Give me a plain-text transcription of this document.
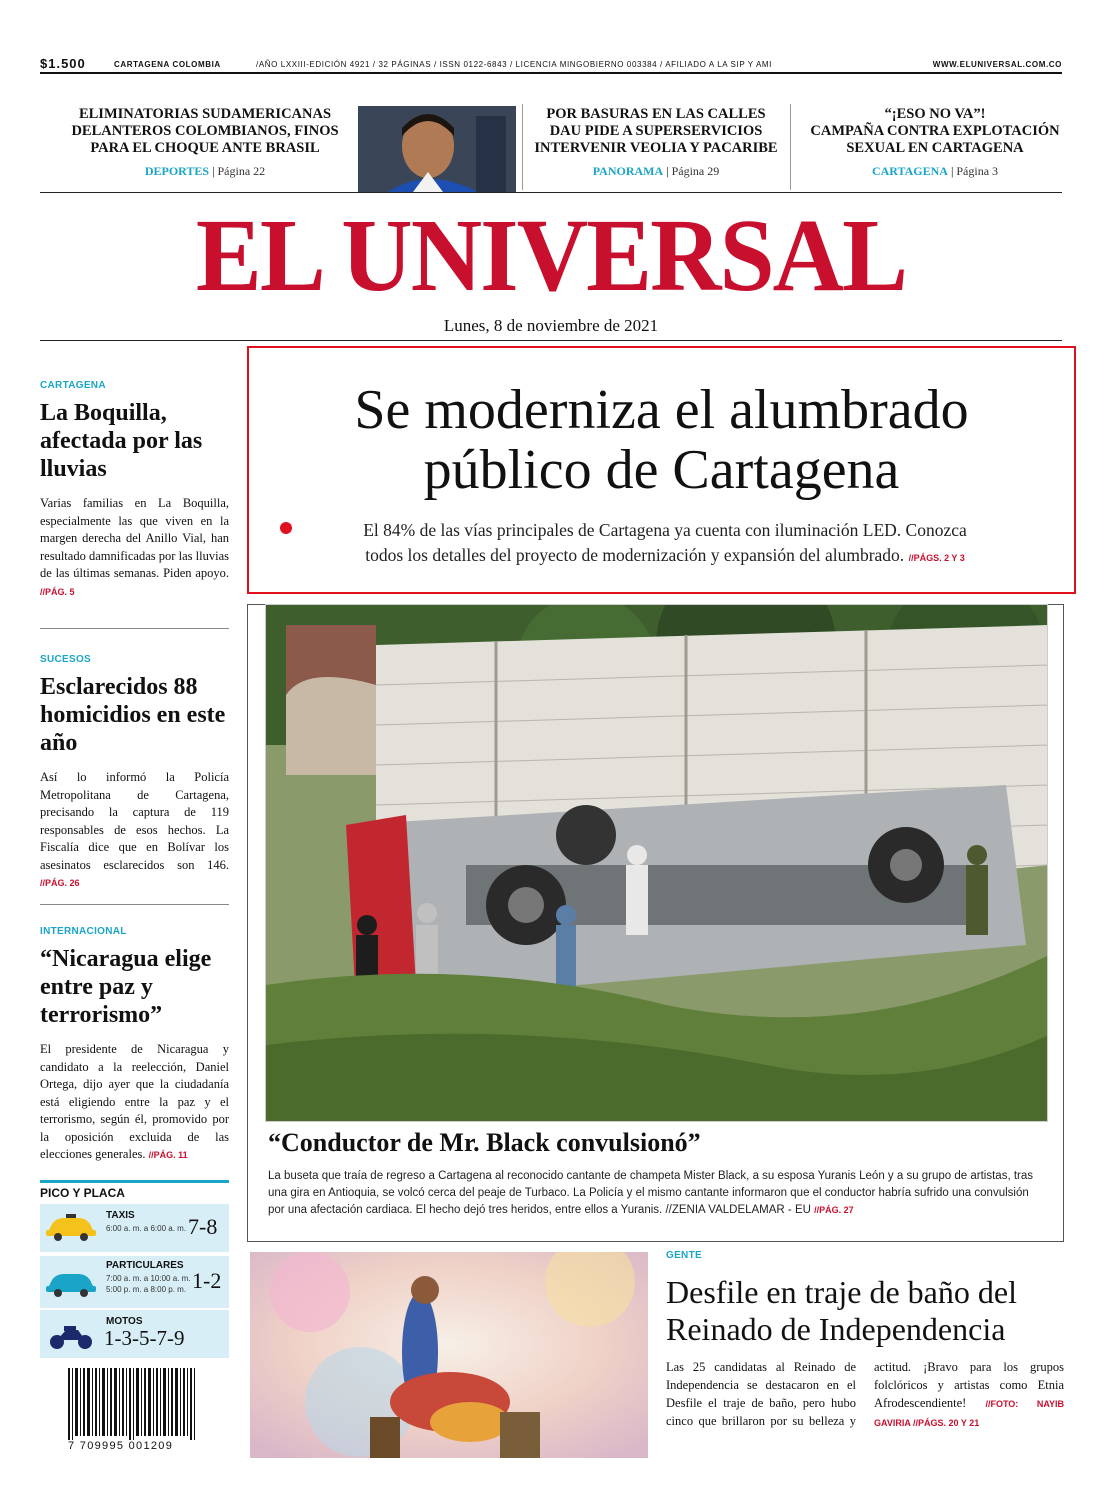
$1.500	CARTAGENA COLOMBIA	/AÑO LXXIII-EDICIÓN 4921 / 32 PÁGINAS / ISSN 0122-6843 / LICENCIA MINGOBIERNO 003384 / AFILIADO A LA SIP Y AMI	WWW.ELUNIVERSAL.COM.CO
ELIMINATORIAS SUDAMERICANAS
DELANTEROS COLOMBIANOS, FINOS
PARA EL CHOQUE ANTE BRASIL
DEPORTES | Página 22
POR BASURAS EN LAS CALLES
DAU PIDE A SUPERSERVICIOS
INTERVENIR VEOLIA Y PACARIBE
PANORAMA | Página 29
“¡ESO NO VA”!
CAMPAÑA CONTRA EXPLOTACIÓN
SEXUAL EN CARTAGENA
CARTAGENA | Página 3
EL UNIVERSAL
Lunes, 8 de noviembre de 2021
CARTAGENA
La Boquilla, afectada por las lluvias
Varias familias en La Boquilla, especialmente las que viven en la margen derecha del Anillo Vial, han resultado damnificadas por las lluvias de las últimas semanas. Piden apoyo. //PÁG. 5
SUCESOS
Esclarecidos 88 homicidios en este año
Así lo informó la Policía Metropolitana de Cartagena, precisando la captura de 119 responsables de esos hechos. La Fiscalía dice que en Bolívar los asesinatos esclarecidos son 146. //PÁG. 26
INTERNACIONAL
“Nicaragua elige entre paz y terrorismo”
El presidente de Nicaragua y candidato a la reelección, Daniel Ortega, dijo ayer que la ciudadanía está eligiendo entre la paz y el terrorismo, según él, promovido por la oposición excluida de las elecciones generales. //PÁG. 11
PICO Y PLACA
TAXIS
6:00 a. m. a 6:00 a. m. 7-8
PARTICULARES
7:00 a. m. a 10:00 a. m.
5:00 p. m. a 8:00 p. m. 1-2
MOTOS
1-3-5-7-9
7 709995 001209
Se moderniza el alumbrado
público de Cartagena
El 84% de las vías principales de Cartagena ya cuenta con iluminación LED. Conozca
todos los detalles del proyecto de modernización y expansión del alumbrado. //PÁGS. 2 Y 3
“Conductor de Mr. Black convulsionó”
La buseta que traía de regreso a Cartagena al reconocido cantante de champeta Mister Black, a su esposa Yuranis León y a su grupo de artistas, tras una gira en Antioquia, se volcó cerca del peaje de Turbaco. La Policía y el mismo cantante informaron que el conductor habría sufrido una convulsión por una afectación cardiaca. El hecho dejó tres heridos, entre ellos a Yuranis. //ZENIA VALDELAMAR - EU //PÁG. 27
GENTE
Desfile en traje de baño del
Reinado de Independencia
Las 25 candidatas al Reinado de Independencia se destacaron en el Desfile el traje de baño, pero hubo cinco que brillaron por su belleza y actitud. ¡Bravo para los grupos folclóricos y artistas como Etnia Afrodescendiente! //FOTO: NAYIB GAVIRIA //PÁGS. 20 Y 21
